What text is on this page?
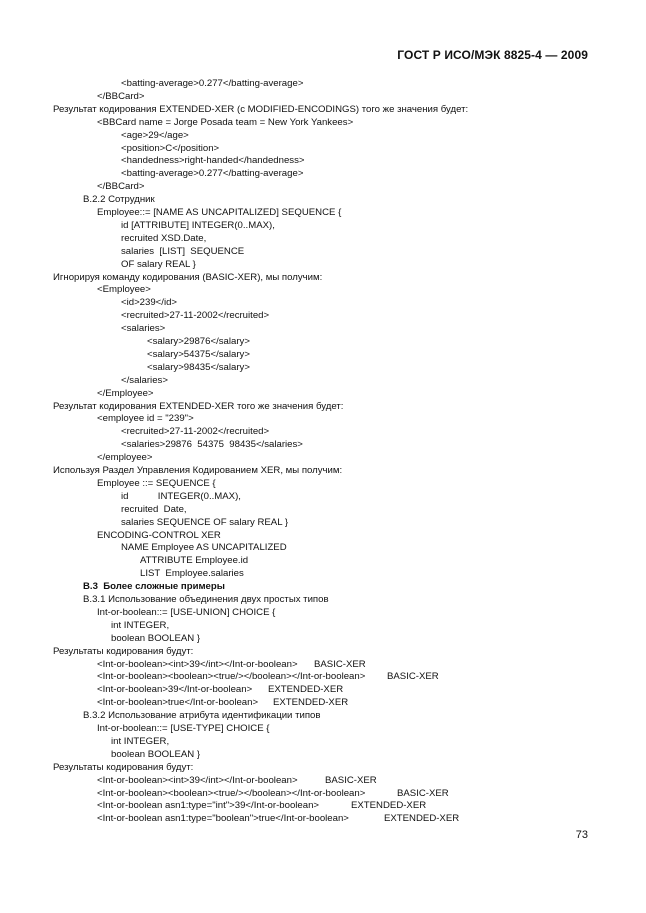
ГОСТ Р ИСО/МЭК 8825-4 — 2009
<batting-average>0.277</batting-average>
</BBCard>
Результат кодирования EXTENDED-XER (с MODIFIED-ENCODINGS) того же значения будет:
<BBCard name = Jorge Posada team = New York Yankees>
<age>29</age>
<position>C</position>
<handedness>right-handed</handedness>
<batting-average>0.277</batting-average>
</BBCard>
B.2.2 Сотрудник
Employee::= [NAME AS UNCAPITALIZED] SEQUENCE {
id [ATTRIBUTE] INTEGER(0..MAX),
recruited XSD.Date,
salaries  [LIST]  SEQUENCE
OF salary REAL }
Игнорируя команду кодирования (BASIC-XER), мы получим:
<Employee>
<id>239</id>
<recruited>27-11-2002</recruited>
<salaries>
<salary>29876</salary>
<salary>54375</salary>
<salary>98435</salary>
</salaries>
</Employee>
Результат кодирования EXTENDED-XER того же значения будет:
<employee id = "239">
<recruited>27-11-2002</recruited>
<salaries>29876  54375  98435</salaries>
</employee>
Используя Раздел Управления Кодированием XER, мы получим:
Employee ::= SEQUENCE {
id           INTEGER(0..MAX),
recruited  Date,
salaries SEQUENCE OF salary REAL }
ENCODING-CONTROL XER
NAME Employee AS UNCAPITALIZED
ATTRIBUTE Employee.id
LIST  Employee.salaries
B.3  Более сложные примеры
B.3.1 Использование объединения двух простых типов
Int-or-boolean::= [USE-UNION] CHOICE {
int INTEGER,
boolean BOOLEAN }
Результаты кодирования будут:
<Int-or-boolean><int>39</int></Int-or-boolean> BASIC-XER
<Int-or-boolean><boolean><true/></boolean></Int-or-boolean> BASIC-XER
<Int-or-boolean>39</Int-or-boolean> EXTENDED-XER
<Int-or-boolean>true</Int-or-boolean> EXTENDED-XER
B.3.2 Использование атрибута идентификации типов
Int-or-boolean::= [USE-TYPE] CHOICE {
int INTEGER,
boolean BOOLEAN }
Результаты кодирования будут:
<Int-or-boolean><int>39</int></Int-or-boolean>	BASIC-XER
<Int-or-boolean><boolean><true/></boolean></Int-or-boolean>	BASIC-XER
<Int-or-boolean asn1:type="int">39</Int-or-boolean>	EXTENDED-XER
<Int-or-boolean asn1:type="boolean">true</Int-or-boolean>	EXTENDED-XER
73
